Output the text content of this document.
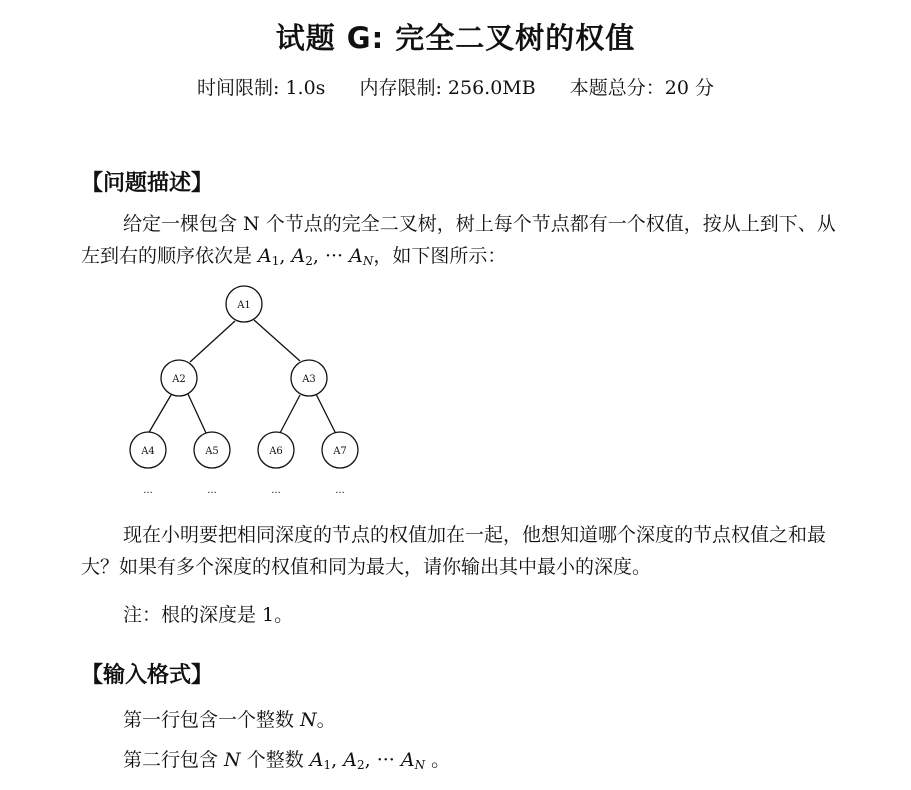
试题 G: 完全二叉树的权值
时间限制: 1.0s 内存限制: 256.0MB 本题总分：20 分
【问题描述】
给定一棵包含 N 个节点的完全二叉树，树上每个节点都有一个权值，按从上到下、从左到右的顺序依次是 $A_1$, $A_2$, ··· $A_N$，如下图所示：
A1
A2	A3
A4	A5	A6	A7
...	...	...	...
现在小明要把相同深度的节点的权值加在一起，他想知道哪个深度的节点权值之和最大？如果有多个深度的权值和同为最大，请你输出其中最小的深度。
注：根的深度是 1。
【输入格式】
第一行包含一个整数 N。
第二行包含 N 个整数 $A_1$, $A_2$, ··· $A_N$ 。
